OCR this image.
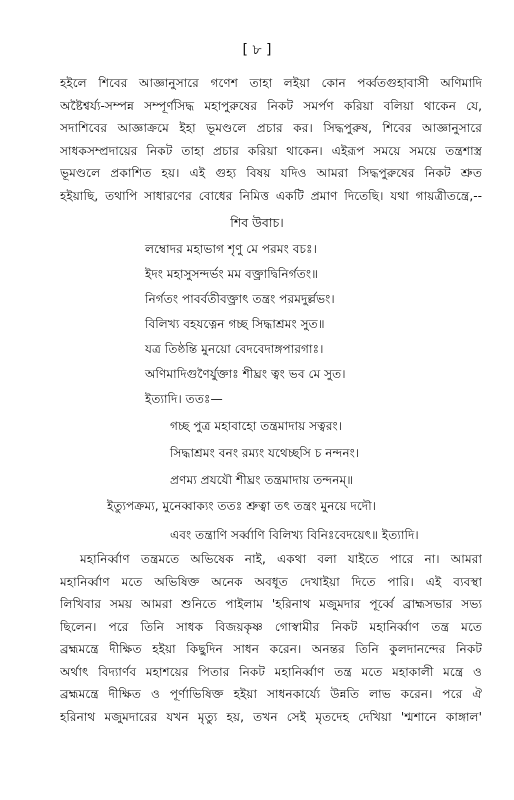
[ ৮ ]
হইলে শিবের আজ্ঞানুসারে গণেশ তাহা লইয়া কোন পর্ব্বতগুহাবাসী অণিমাদি
অষ্টৈশ্বর্য্য-সম্পন্ন সম্পূর্ণসিদ্ধ মহাপুরুষের নিকট সমর্পণ করিয়া বলিয়া থাকেন যে,
সদাশিবের আজ্ঞাক্রমে ইহা ভূমণ্ডলে প্রচার কর। সিদ্ধপুরুষ, শিবের আজ্ঞানুসারে
সাধকসম্প্রদায়ের নিকট তাহা প্রচার করিয়া থাকেন। এইরূপ সময়ে সময়ে তন্ত্রশাস্ত্র
ভূমণ্ডলে প্রকাশিত হয়। এই গুহ্য বিষয় যদিও আমরা সিদ্ধপুরুষের নিকট শ্রুত
হইয়াছি, তথাপি সাধারণের বোধের নিমিত্ত একটি প্রমাণ দিতেছি। যথা গায়ত্রীতন্ত্রে,--
শিব উবাচ।
লম্বোদর মহাভাগ শৃণু মে পরমং বচঃ।
ইদং মহাসুসন্দর্ভং মম বক্ত্রাদ্বিনির্গতং॥
নির্গতং পাবর্বতীবক্ত্রাৎ তন্ত্রং পরমদুর্ল্লভং।
বিলিখ্য বহযত্নেন গচ্ছ সিদ্ধাশ্রমং সুত॥
যত্র তিষ্ঠন্তি মুনয়ো বেদবেদাঙ্গপারগাঃ।
অণিমাদিগুণৈর্যুক্তাঃ শীঘ্রং ত্বং ভব মে সুত।
ইত্যাদি। ততঃ—
গচ্ছ পুত্র মহাবাহো তন্ত্রমাদায় সত্বরং।
সিদ্ধাশ্রমং বনং রম্যং যথেচ্ছসি চ নন্দনং।
প্রণম্য প্রযযৌ শীঘ্রং তন্ত্রমাদায় তন্দনম্॥
ইত্যুপক্রম্য, মুনেব্বাক্যং ততঃ শ্রুত্বা তৎ তন্ত্রং মুনয়ে দদৌ।
এবং তন্ত্রাণি সর্ব্বাণি বিলিখ্য বিনিঃবেদয়েৎ॥ ইত্যাদি।
মহানির্ব্বাণ তন্ত্রমতে অভিষেক নাই, একথা বলা যাইতে পারে না। আমরা
মহানির্ব্বাণ মতে অভিষিক্ত অনেক অবধূত দেখাইয়া দিতে পারি। এই ব্যবস্থা
লিখিবার সময় আমরা শুনিতে পাইলাম 'হরিনাথ মজুমদার পূর্ব্বে ব্রাহ্মসভার সভ্য
ছিলেন। পরে তিনি সাধক বিজয়কৃষ্ণ গোস্বামীর নিকট মহানির্ব্বাণ তন্ত্র মতে
ব্রহ্মমন্ত্রে দীক্ষিত হইয়া কিছুদিন সাধন করেন। অনন্তর তিনি কুলদানন্দের নিকট
অর্থাৎ বিদ্যার্ণব মহাশয়ের পিতার নিকট মহানির্ব্বাণ তন্ত্র মতে মহাকালী মন্ত্রে ও
ব্রহ্মমন্ত্রে দীক্ষিত ও পূর্ণাভিষিক্ত হইয়া সাধনকার্য্যে উন্নতি লাভ করেন। পরে ঐ
হরিনাথ মজুমদারের যখন মৃত্যু হয়, তখন সেই মৃতদেহ দেখিয়া 'শ্মশানে কাঙ্গাল'
